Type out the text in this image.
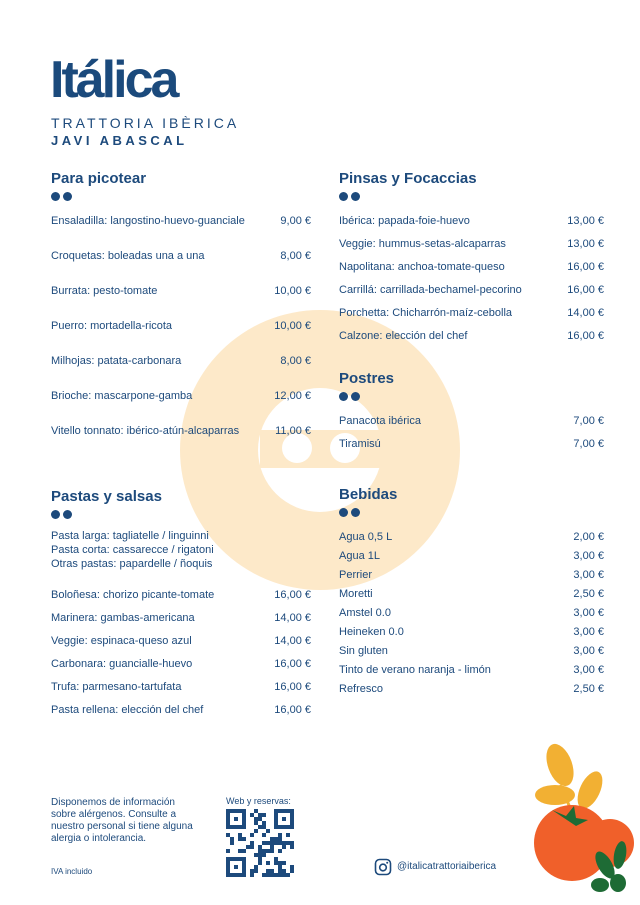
Itálica
TRATTORIA IBÈRICA
JAVI ABASCAL
Para picotear
Ensaladilla: langostino-huevo-guanciale	9,00 €
Croquetas: boleadas una a una	8,00 €
Burrata: pesto-tomate	10,00 €
Puerro: mortadella-ricota	10,00 €
Milhojas: patata-carbonara	8,00 €
Brioche: mascarpone-gamba	12,00 €
Vitello tonnato: ibérico-atún-alcaparras	11,00 €
Pastas y salsas
Pasta larga: tagliatelle / linguinni
Pasta corta: cassarecce / rigatoni
Otras pastas: papardelle / ñoquis
Boloñesa: chorizo picante-tomate	16,00 €
Marinera: gambas-americana	14,00 €
Veggie: espinaca-queso azul	14,00 €
Carbonara: guancialle-huevo	16,00 €
Trufa: parmesano-tartufata	16,00 €
Pasta rellena: elección del chef	16,00 €
Pinsas y Focaccias
Ibérica: papada-foie-huevo	13,00 €
Veggie: hummus-setas-alcaparras	13,00 €
Napolitana: anchoa-tomate-queso	16,00 €
Carrillá: carrillada-bechamel-pecorino	16,00 €
Porchetta: Chicharrón-maíz-cebolla	14,00 €
Calzone: elección del chef	16,00 €
Postres
Panacota ibérica	7,00 €
Tiramisú	7,00 €
Bebidas
Agua 0,5 L	2,00 €
Agua 1L	3,00 €
Perrier	3,00 €
Moretti	2,50 €
Amstel 0.0	3,00 €
Heineken 0.0	3,00 €
Sin gluten	3,00 €
Tinto de verano naranja - limón	3,00 €
Refresco	2,50 €
Disponemos de información sobre alérgenos. Consulte a nuestro personal si tiene alguna alergia o intolerancia.
IVA incluido
Web y reservas:
@italicatrattoriaiberica
